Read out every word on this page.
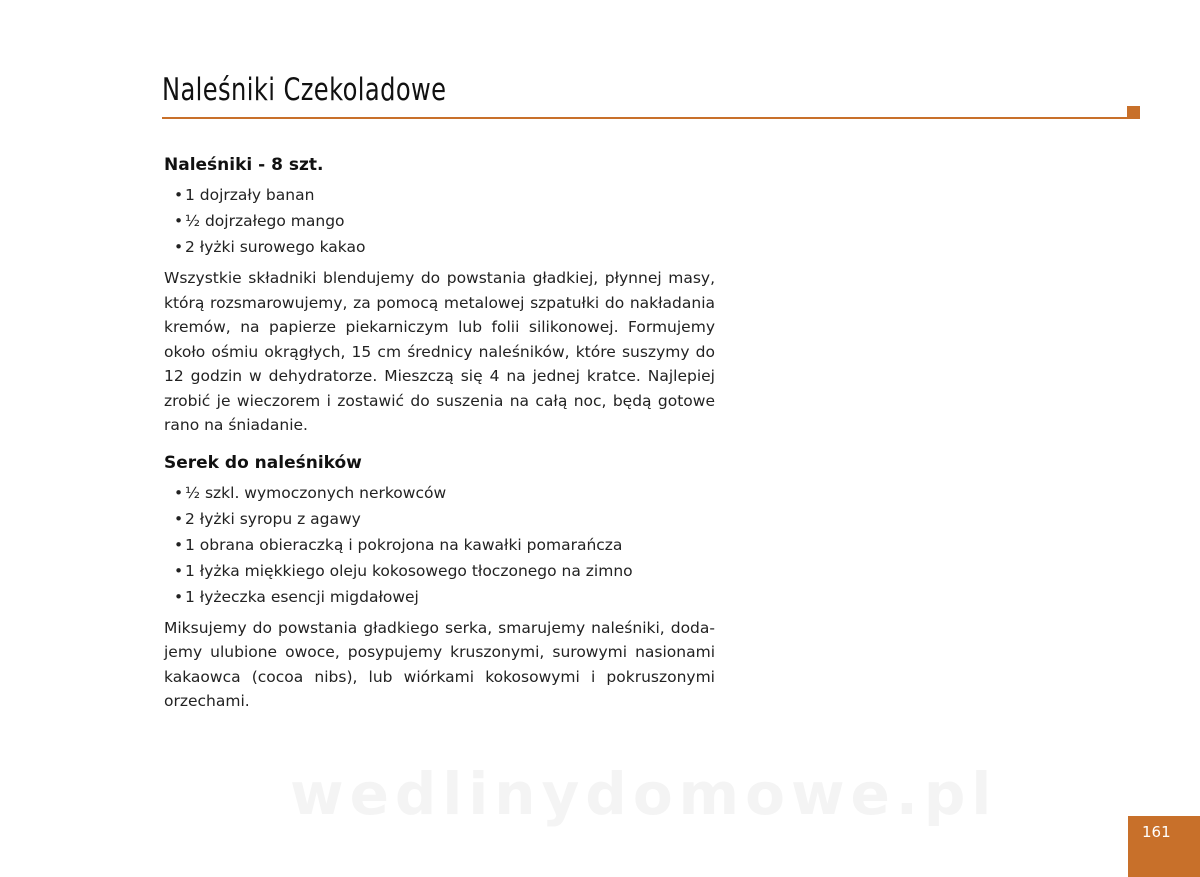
Naleśniki Czekoladowe
Naleśniki - 8 szt.
• 1 dojrzały banan
• ½ dojrzałego mango
• 2 łyżki surowego kakao

Wszystkie składniki blendujemy do powstania gładkiej, płynnej masy, którą rozsmarowujemy, za pomocą metalowej szpatułki do nakładania kremów, na papierze piekarniczym lub folii silikonowej. Formujemy około ośmiu okrągłych, 15 cm średnicy naleśników, które suszymy do 12 godzin w dehydratorze. Mieszczą się 4 na jednej kratce. Najlepiej zrobić je wieczorem i zostawić do suszenia na całą noc, będą gotowe rano na śniadanie.

Serek do naleśników
• ½ szkl. wymoczonych nerkowców
• 2 łyżki syropu z agawy
• 1 obrana obieraczką i pokrojona na kawałki pomarańcza
• 1 łyżka miękkiego oleju kokosowego tłoczonego na zimno
• 1 łyżeczka esencji migdałowej

Miksujemy do powstania gładkiego serka, smarujemy naleśniki, dodajemy ulubione owoce, posypujemy kruszonymi, surowymi nasionami kakaowca (cocoa nibs), lub wiórkami kokosowymi i pokruszonymi orzechami.

wedlinydomowe.pl
161
